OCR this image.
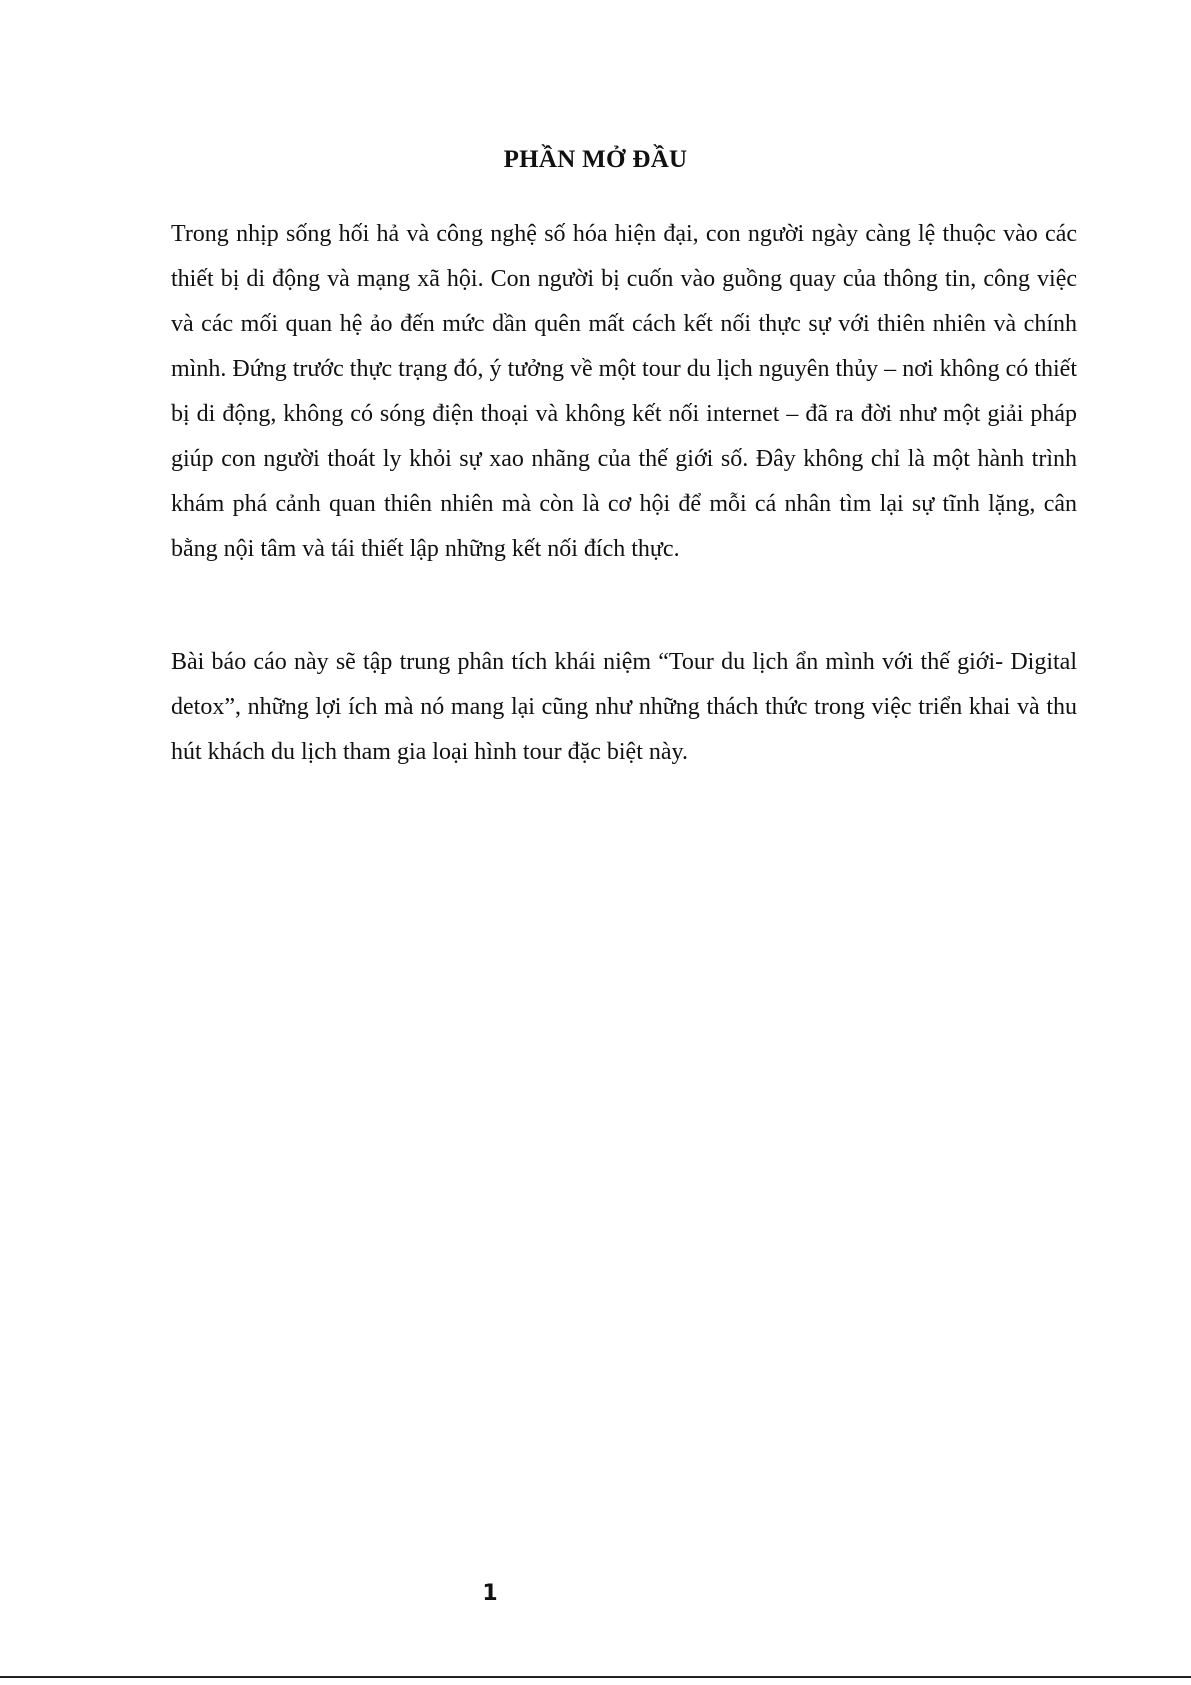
PHẦN MỞ ĐẦU

Trong nhịp sống hối hả và công nghệ số hóa hiện đại, con người ngày càng lệ thuộc vào các thiết bị di động và mạng xã hội. Con người bị cuốn vào guồng quay của thông tin, công việc và các mối quan hệ ảo đến mức dần quên mất cách kết nối thực sự với thiên nhiên và chính mình. Đứng trước thực trạng đó, ý tưởng về một tour du lịch nguyên thủy – nơi không có thiết bị di động, không có sóng điện thoại và không kết nối internet – đã ra đời như một giải pháp giúp con người thoát ly khỏi sự xao nhãng của thế giới số. Đây không chỉ là một hành trình khám phá cảnh quan thiên nhiên mà còn là cơ hội để mỗi cá nhân tìm lại sự tĩnh lặng, cân bằng nội tâm và tái thiết lập những kết nối đích thực.

Bài báo cáo này sẽ tập trung phân tích khái niệm “Tour du lịch ẩn mình với thế giới- Digital detox”, những lợi ích mà nó mang lại cũng như những thách thức trong việc triển khai và thu hút khách du lịch tham gia loại hình tour đặc biệt này.

1
